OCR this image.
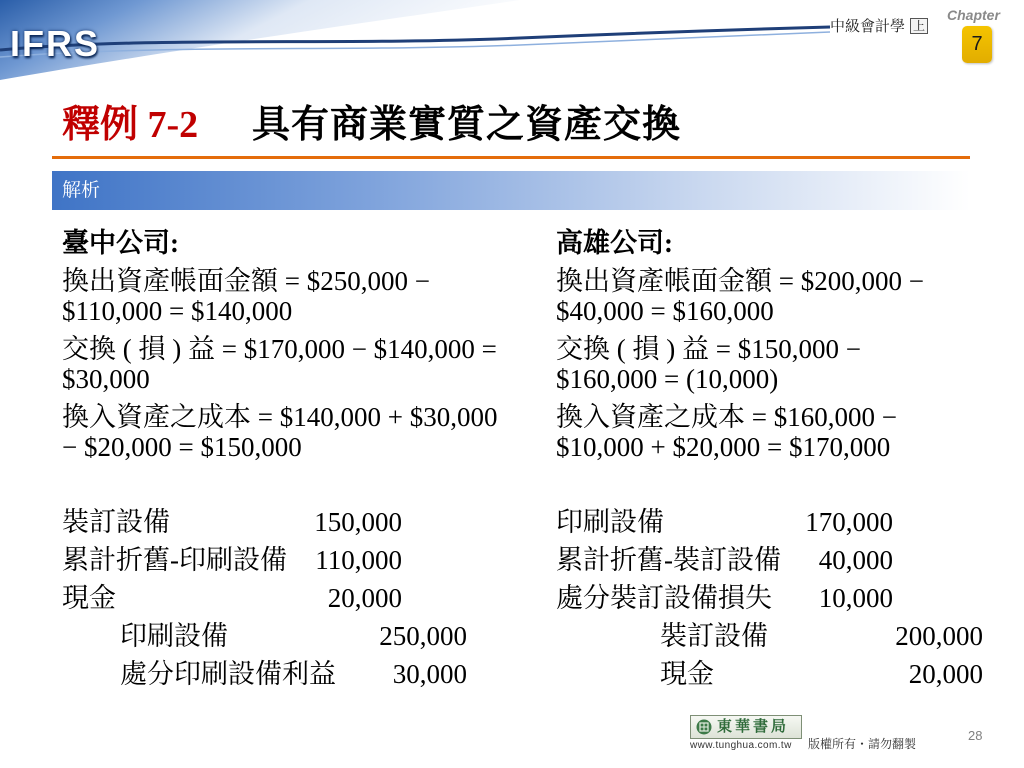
IFRS	中級會計學 上
Chapter
7
釋例 7-2 具有商業實質之資產交換
解析
臺中公司:
換出資產帳面金額 = $250,000 −
$110,000 = $140,000
交換 ( 損 ) 益 = $170,000 − $140,000 =
$30,000
換入資產之成本 = $140,000 + $30,000
− $20,000 = $150,000
裝訂設備	150,000
累計折舊-印刷設備	110,000
現金	20,000
印刷設備	250,000
處分印刷設備利益	30,000
高雄公司:
換出資產帳面金額 = $200,000 −
$40,000 = $160,000
交換 ( 損 ) 益 = $150,000 −
$160,000 = (10,000)
換入資產之成本 = $160,000 −
$10,000 + $20,000 = $170,000
印刷設備	170,000
累計折舊-裝訂設備	40,000
處分裝訂設備損失	10,000
裝訂設備	200,000
現金	20,000
東華書局
www.tunghua.com.tw	版權所有・請勿翻製
28
